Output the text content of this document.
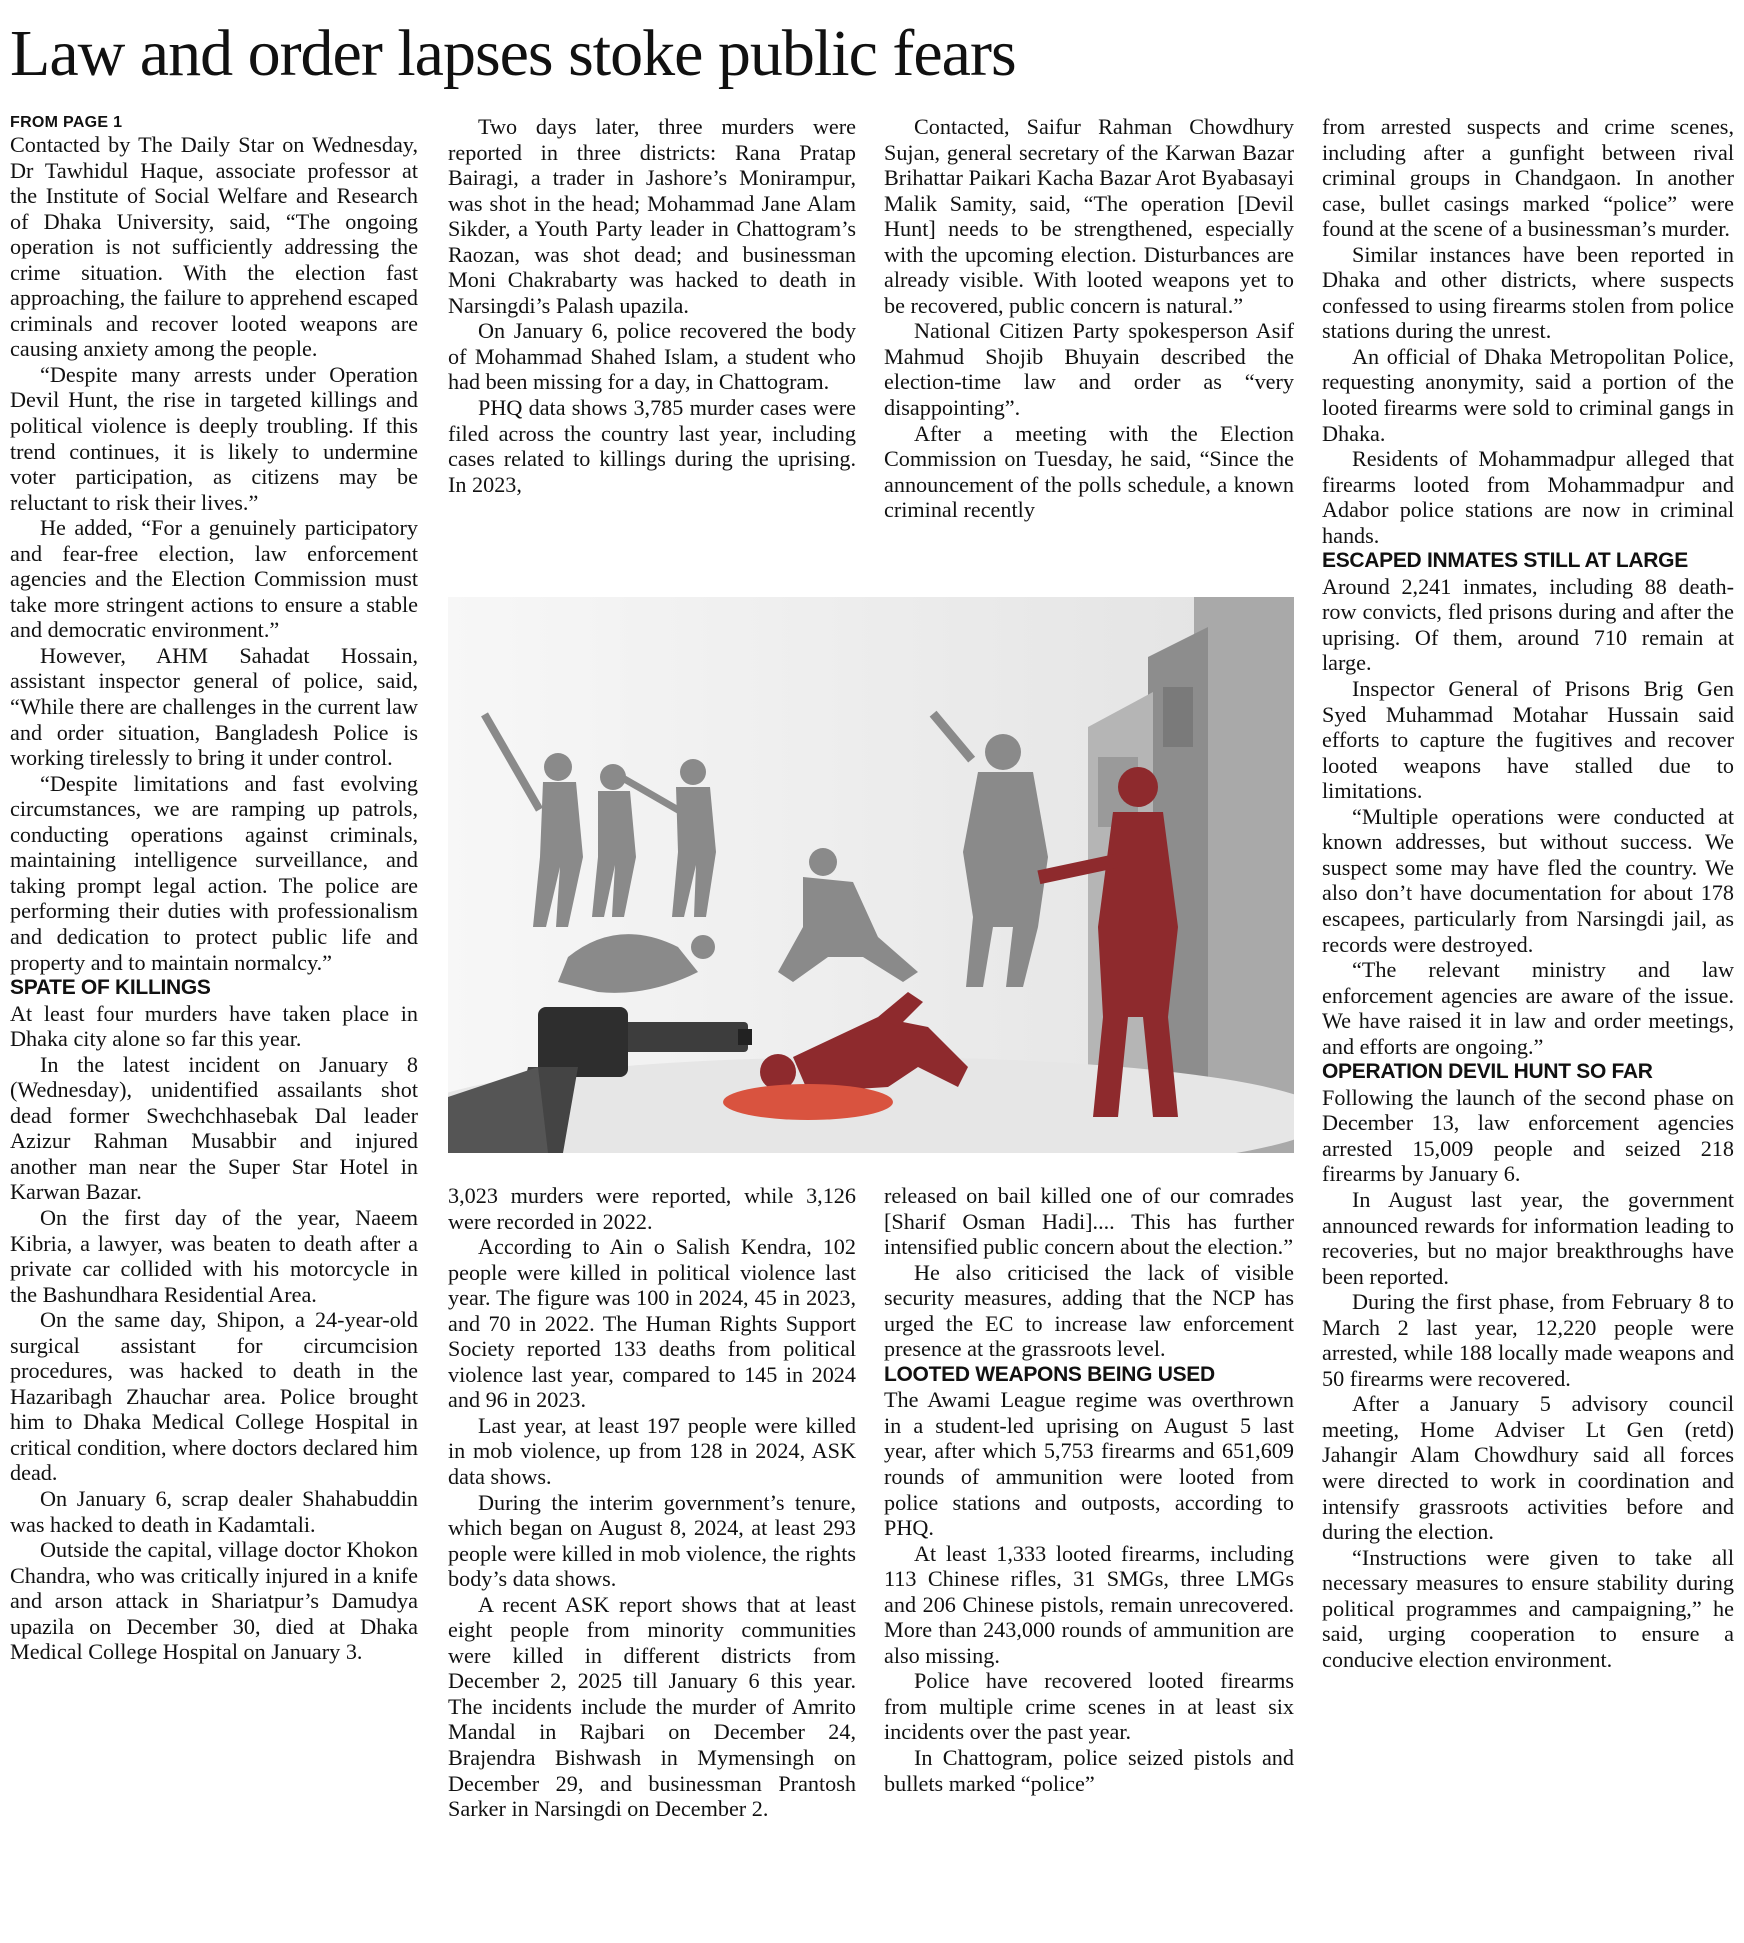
Law and order lapses stoke public fears
FROM PAGE 1

Contacted by The Daily Star on Wednesday, Dr Tawhidul Haque, associate professor at the Institute of Social Welfare and Research of Dhaka University, said, “The ongoing operation is not sufficiently addressing the crime situation. With the election fast approaching, the failure to apprehend escaped criminals and recover looted weapons are causing anxiety among the people.

“Despite many arrests under Operation Devil Hunt, the rise in targeted killings and political violence is deeply troubling. If this trend continues, it is likely to undermine voter participation, as citizens may be reluctant to risk their lives.”

He added, “For a genuinely participatory and fear-free election, law enforcement agencies and the Election Commission must take more stringent actions to ensure a stable and democratic environment.”

However, AHM Sahadat Hossain, assistant inspector general of police, said, “While there are challenges in the current law and order situation, Bangladesh Police is working tirelessly to bring it under control.

“Despite limitations and fast evolving circumstances, we are ramping up patrols, conducting operations against criminals, maintaining intelligence surveillance, and taking prompt legal action. The police are performing their duties with professionalism and dedication to protect public life and property and to maintain normalcy.”

SPATE OF KILLINGS

At least four murders have taken place in Dhaka city alone so far this year.

In the latest incident on January 8 (Wednesday), unidentified assailants shot dead former Swechchhasebak Dal leader Azizur Rahman Musabbir and injured another man near the Super Star Hotel in Karwan Bazar.

On the first day of the year, Naeem Kibria, a lawyer, was beaten to death after a private car collided with his motorcycle in the Bashundhara Residential Area.

On the same day, Shipon, a 24-year-old surgical assistant for circumcision procedures, was hacked to death in the Hazaribagh Zhauchar area. Police brought him to Dhaka Medical College Hospital in critical condition, where doctors declared him dead.

On January 6, scrap dealer Shahabuddin was hacked to death in Kadamtali.

Outside the capital, village doctor Khokon Chandra, who was critically injured in a knife and arson attack in Shariatpur’s Damudya upazila on December 30, died at Dhaka Medical College Hospital on January 3.

Two days later, three murders were reported in three districts: Rana Pratap Bairagi, a trader in Jashore’s Monirampur, was shot in the head; Mohammad Jane Alam Sikder, a Youth Party leader in Chattogram’s Raozan, was shot dead; and businessman Moni Chakrabarty was hacked to death in Narsingdi’s Palash upazila.

On January 6, police recovered the body of Mohammad Shahed Islam, a student who had been missing for a day, in Chattogram.

PHQ data shows 3,785 murder cases were filed across the country last year, including cases related to killings during the uprising. In 2023,

Contacted, Saifur Rahman Chowdhury Sujan, general secretary of the Karwan Bazar Brihattar Paikari Kacha Bazar Arot Byabasayi Malik Samity, said, “The operation [Devil Hunt] needs to be strengthened, especially with the upcoming election. Disturbances are already visible. With looted weapons yet to be recovered, public concern is natural.”

National Citizen Party spokesperson Asif Mahmud Shojib Bhuyain described the election-time law and order as “very disappointing”.

After a meeting with the Election Commission on Tuesday, he said, “Since the announcement of the polls schedule, a known criminal recently

3,023 murders were reported, while 3,126 were recorded in 2022.

According to Ain o Salish Kendra, 102 people were killed in political violence last year. The figure was 100 in 2024, 45 in 2023, and 70 in 2022. The Human Rights Support Society reported 133 deaths from political violence last year, compared to 145 in 2024 and 96 in 2023.

Last year, at least 197 people were killed in mob violence, up from 128 in 2024, ASK data shows.

During the interim government’s tenure, which began on August 8, 2024, at least 293 people were killed in mob violence, the rights body’s data shows.

A recent ASK report shows that at least eight people from minority communities were killed in different districts from December 2, 2025 till January 6 this year. The incidents include the murder of Amrito Mandal in Rajbari on December 24, Brajendra Bishwash in Mymensingh on December 29, and businessman Prantosh Sarker in Narsingdi on December 2.

released on bail killed one of our comrades [Sharif Osman Hadi].... This has further intensified public concern about the election.”

He also criticised the lack of visible security measures, adding that the NCP has urged the EC to increase law enforcement presence at the grassroots level.

LOOTED WEAPONS BEING USED

The Awami League regime was overthrown in a student-led uprising on August 5 last year, after which 5,753 firearms and 651,609 rounds of ammunition were looted from police stations and outposts, according to PHQ.

At least 1,333 looted firearms, including 113 Chinese rifles, 31 SMGs, three LMGs and 206 Chinese pistols, remain unrecovered. More than 243,000 rounds of ammunition are also missing.

Police have recovered looted firearms from multiple crime scenes in at least six incidents over the past year.

In Chattogram, police seized pistols and bullets marked “police”

from arrested suspects and crime scenes, including after a gunfight between rival criminal groups in Chandgaon. In another case, bullet casings marked “police” were found at the scene of a businessman’s murder.

Similar instances have been reported in Dhaka and other districts, where suspects confessed to using firearms stolen from police stations during the unrest.

An official of Dhaka Metropolitan Police, requesting anonymity, said a portion of the looted firearms were sold to criminal gangs in Dhaka.

Residents of Mohammadpur alleged that firearms looted from Mohammadpur and Adabor police stations are now in criminal hands.

ESCAPED INMATES STILL AT LARGE

Around 2,241 inmates, including 88 death-row convicts, fled prisons during and after the uprising. Of them, around 710 remain at large.

Inspector General of Prisons Brig Gen Syed Muhammad Motahar Hussain said efforts to capture the fugitives and recover looted weapons have stalled due to limitations.

“Multiple operations were conducted at known addresses, but without success. We suspect some may have fled the country. We also don’t have documentation for about 178 escapees, particularly from Narsingdi jail, as records were destroyed.

“The relevant ministry and law enforcement agencies are aware of the issue. We have raised it in law and order meetings, and efforts are ongoing.”

OPERATION DEVIL HUNT SO FAR

Following the launch of the second phase on December 13, law enforcement agencies arrested 15,009 people and seized 218 firearms by January 6.

In August last year, the government announced rewards for information leading to recoveries, but no major breakthroughs have been reported.

During the first phase, from February 8 to March 2 last year, 12,220 people were arrested, while 188 locally made weapons and 50 firearms were recovered.

After a January 5 advisory council meeting, Home Adviser Lt Gen (retd) Jahangir Alam Chowdhury said all forces were directed to work in coordination and intensify grassroots activities before and during the election.

“Instructions were given to take all necessary measures to ensure stability during political programmes and campaigning,” he said, urging cooperation to ensure a conducive election environment.
